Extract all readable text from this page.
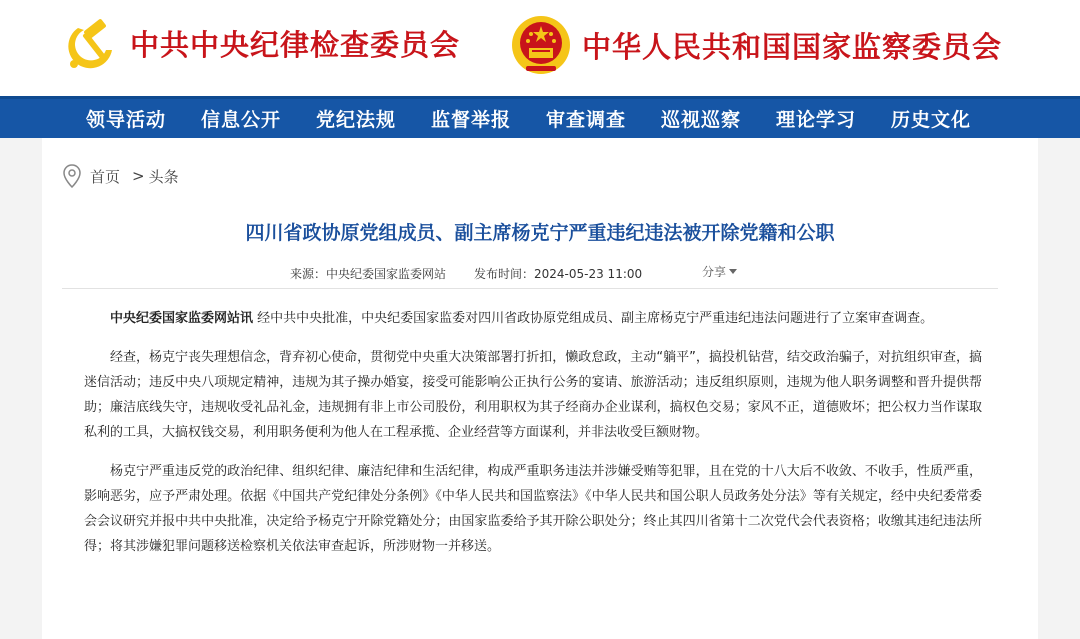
中共中央纪律检查委员会	中华人民共和国国家监察委员会
领导活动	信息公开	党纪法规	监督举报	审查调查	巡视巡察	理论学习	历史文化
首页 > 头条
四川省政协原党组成员、副主席杨克宁严重违纪违法被开除党籍和公职
来源：中央纪委国家监委网站 发布时间：2024-05-23 11:00	分享

中央纪委国家监委网站讯 经中共中央批准，中央纪委国家监委对四川省政协原党组成员、副主席杨克宁严重违纪违法问题进行了立案审查调查。

经查，杨克宁丧失理想信念，背弃初心使命，贯彻党中央重大决策部署打折扣，懒政怠政，主动“躺平”，搞投机钻营，结交政治骗子，对抗组织审查，搞迷信活动；违反中央八项规定精神，违规为其子操办婚宴，接受可能影响公正执行公务的宴请、旅游活动；违反组织原则，违规为他人职务调整和晋升提供帮助；廉洁底线失守，违规收受礼品礼金，违规拥有非上市公司股份，利用职权为其子经商办企业谋利，搞权色交易；家风不正，道德败坏；把公权力当作谋取私利的工具，大搞权钱交易，利用职务便利为他人在工程承揽、企业经营等方面谋利，并非法收受巨额财物。

杨克宁严重违反党的政治纪律、组织纪律、廉洁纪律和生活纪律，构成严重职务违法并涉嫌受贿等犯罪，且在党的十八大后不收敛、不收手，性质严重，影响恶劣，应予严肃处理。依据《中国共产党纪律处分条例》《中华人民共和国监察法》《中华人民共和国公职人员政务处分法》等有关规定，经中央纪委常委会会议研究并报中共中央批准，决定给予杨克宁开除党籍处分；由国家监委给予其开除公职处分；终止其四川省第十二次党代会代表资格；收缴其违纪违法所得；将其涉嫌犯罪问题移送检察机关依法审查起诉，所涉财物一并移送。
